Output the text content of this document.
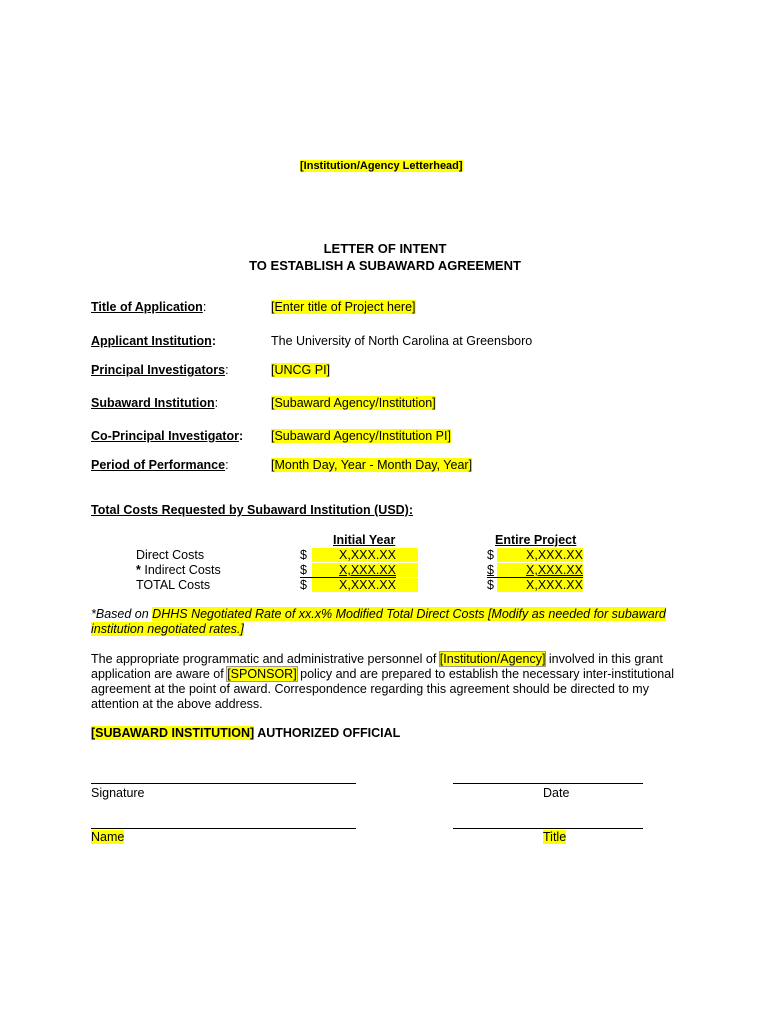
[Institution/Agency Letterhead]
LETTER OF INTENT
TO ESTABLISH A SUBAWARD AGREEMENT
Title of Application:	[Enter title of Project here]
Applicant Institution:	The University of North Carolina at Greensboro
Principal Investigators:	[UNCG PI]
Subaward Institution:	[Subaward Agency/Institution]
Co-Principal Investigator: [Subaward Agency/Institution PI]
Period of Performance:	[Month Day, Year - Month Day, Year]
Total Costs Requested by Subaward Institution (USD):
Initial Year	Entire Project
Direct Costs	$	X,XXX.XX	$	X,XXX.XX
* Indirect Costs	$	X,XXX.XX	$	X,XXX.XX
TOTAL Costs	$	X,XXX.XX	$	X,XXX.XX
*Based on DHHS Negotiated Rate of xx.x% Modified Total Direct Costs [Modify as needed for subaward
institution negotiated rates.]
The appropriate programmatic and administrative personnel of [Institution/Agency] involved in this grant
application are aware of [SPONSOR] policy and are prepared to establish the necessary inter-institutional
agreement at the point of award. Correspondence regarding this agreement should be directed to my
attention at the above address.
[SUBAWARD INSTITUTION] AUTHORIZED OFFICIAL
Signature	Date
Name	Title
